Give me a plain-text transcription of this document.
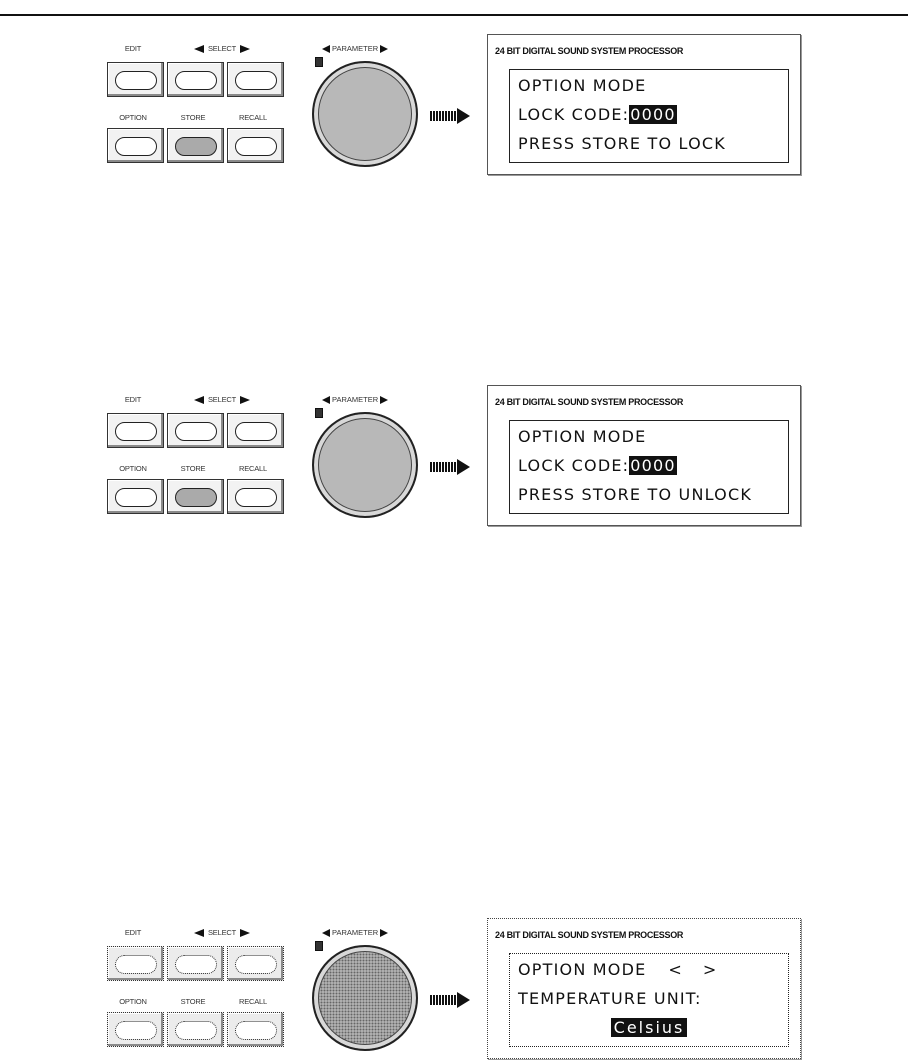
EDIT	SELECT
OPTION	STORE	RECALL
PARAMETER	24 BIT DIGITAL SOUND SYSTEM PROCESSOR
OPTION MODE
LOCK CODE:0000
PRESS STORE TO LOCK
EDIT	SELECT
OPTION	STORE	RECALL
PARAMETER	24 BIT DIGITAL SOUND SYSTEM PROCESSOR
OPTION MODE
LOCK CODE:0000
PRESS STORE TO UNLOCK
EDIT	SELECT
OPTION	STORE	RECALL
PARAMETER	24 BIT DIGITAL SOUND SYSTEM PROCESSOR
OPTION MODE < >
TEMPERATURE UNIT:
Celsius
